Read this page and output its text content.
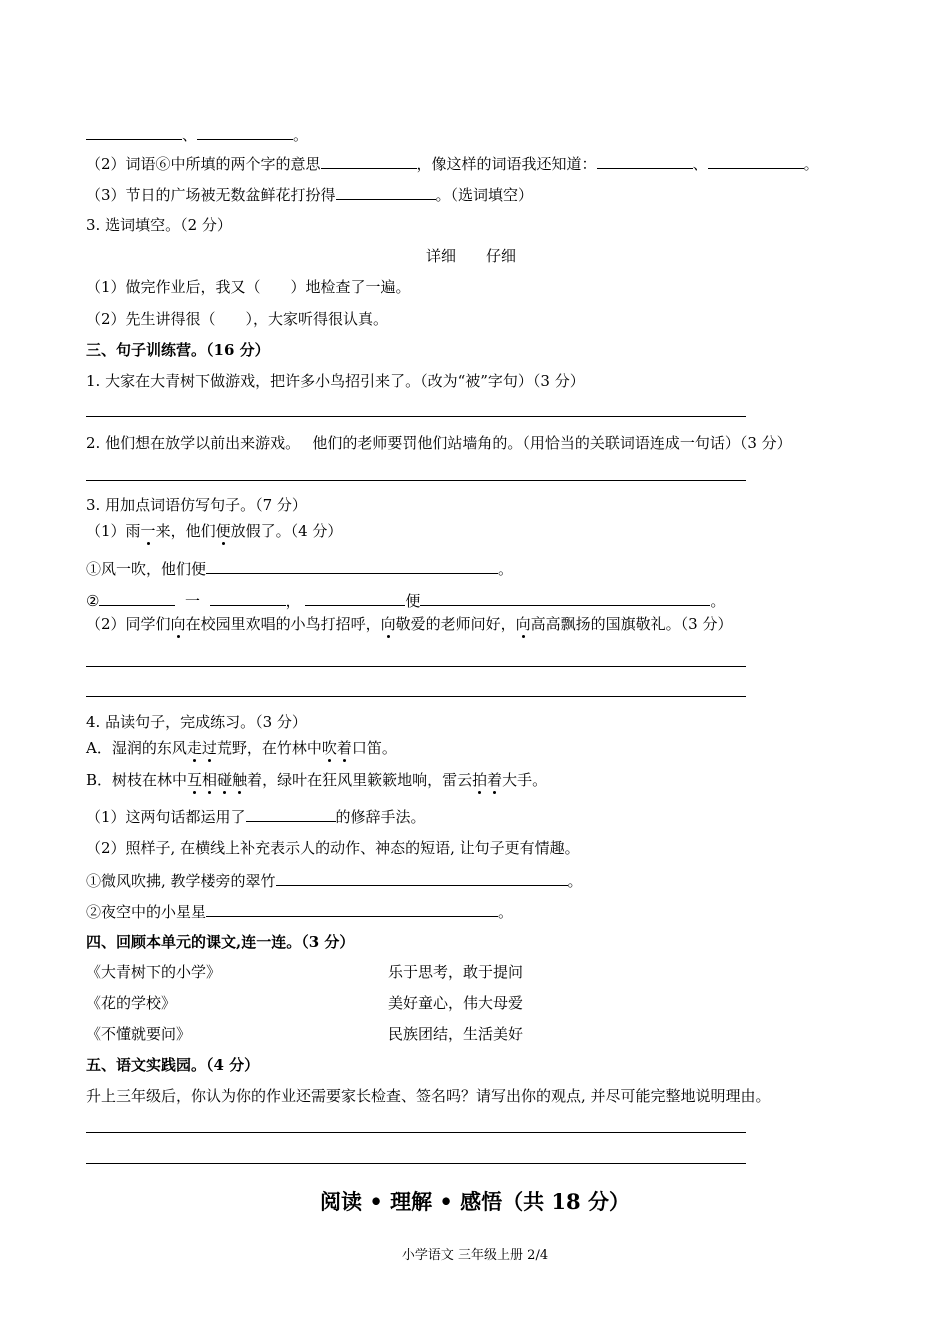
、	。
（2）词语⑥中所填的两个字的意思	，像这样的词语我还知道：	、	。
（3）节日的广场被无数盆鲜花打扮得	。（选词填空）
3. 选词填空。（2 分）
详细　　仔细
（1）做完作业后，我又（　　）地检查了一遍。
（2）先生讲得很（　　），大家听得很认真。
三、句子训练营。（16 分）
1. 大家在大青树下做游戏，把许多小鸟招引来了。（改为“被”字句）（3 分）
2. 他们想在放学以前出来游戏。　 他们的老师要罚他们站墙角的。（用恰当的关联词语连成一句话）（3 分）
3. 用加点词语仿写句子。（7 分）
（1）雨一来，他们便放假了。（4 分）
①风一吹，他们便	。
②	一	，	便	。
（2）同学们向在校园里欢唱的小鸟打招呼，向敬爱的老师问好，向高高飘扬的国旗敬礼。（3 分）
4. 品读句子，完成练习。（3 分）
A．湿润的东风走过荒野，在竹林中吹着口笛。
B．树枝在林中互相碰触着，绿叶在狂风里簌簌地响，雷云拍着大手。
（1）这两句话都运用了	的修辞手法。
（2）照样子, 在横线上补充表示人的动作、神态的短语, 让句子更有情趣。
①微风吹拂, 教学楼旁的翠竹	。
②夜空中的小星星	。
四、回顾本单元的课文,连一连。（3 分）
《大青树下的小学》	乐于思考，敢于提问
《花的学校》	美好童心，伟大母爱
《不懂就要问》	民族团结，生活美好
五、语文实践园。（4 分）
升上三年级后，你认为你的作业还需要家长检查、签名吗？请写出你的观点, 并尽可能完整地说明理由。
阅读 • 理解 • 感悟（共 18 分）
小学语文 三年级上册 2/4
